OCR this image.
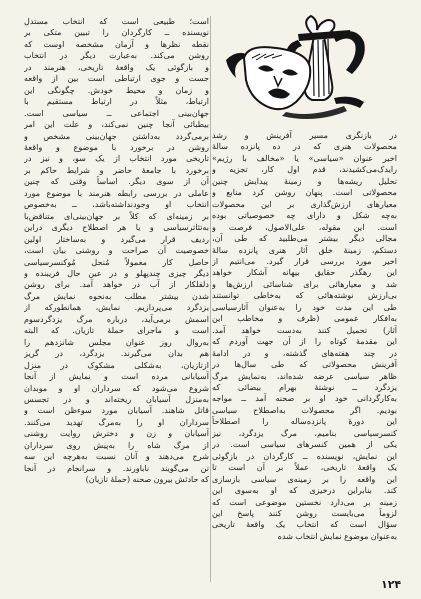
است؛ طبیعی است که انتخاب مستدل
نویسنده ــ کارگردان را تبیین متکی بر
نقطه نظرها و آرمان مشخصه اوست که
روشن می‌کند. به‌عبارت دیگر در انتخاب
و بازگوئی یک واقعهٔ تاریخی، هنرمند در
جست و جوی ارتباطی است بین از واقعه
و زمان و محیط خودش. چگونگی این
ارتباط، مثلاً در ارتباط مستقیم با
جهان‌بینی اجتماعی ــ سیاسی است.
بیطبائی آنجا چنین نمی‌کند، و علت این امر
برمی‌گردد به‌داشتن جهان‌بینی مشخص و
روشن در برخورد با موضوع و واقعهٔ
تاریخی مورد انتخاب از یک سو، و نیز در
برخورد با جامعهٔ حاضر و شرایط حاکم بر
آن از سوی دیگر. اساساً وقتی که چنین
عاملی در بررسی رابطه هنرمند با موضوع مورد
انتخاب او وجودنداشته‌باشد، ــ به‌خصوص
بر زمینه‌ای که کلاً بر جهان‌بینی‌ای متناقض‌با
به‌تئاترسیاسی و یا هر اصطلاح دیگری دراین
ردیف قرار می‌گیرد و به‌ساختار اولین
خصوصیت آن صراحت و روشنی بیان است،
حاصل کار معمولاً مُنحل مُوکنسرسیاسی
دیگر چیزی چندپهلو و در عین حال فریبنده و
دلفلکار از آب در خواهد آمد. برای روشن
شدن بیشتر مطلب به‌نحوه نمایش مرگ
یزدگرد می‌پردازیم. نمایش، همانطورکه از
اسمش برمی‌آید، درباره مرگ یزدگردسوم
است و ماجرای حملهٔ تازیان. که البته
به‌روال روز عنوان مجلس شانزدهم را
هم بدان می‌گیرند. یزدگرد، در گریز
ازتازیان، به‌شکلی مشکوک در منزل
آسیابانی مرده است و نمایش از آنجا
شروع می‌شود که سرداران او و موبدان
به‌منزل آسیابان ریخته‌اند و در تجسس
قاتل شاهند. آسیابان مورد سوءظن است و
سرداران او را به‌مرگ تهدید می‌کنند.
آسیابان و زن و دخترش روایت روشنی
از مرگ شاه را به‌پیش روی سرداران
شرح می‌دهند و آنان نسبت به‌هرچه این سه
تن می‌گویند ناباورند. و سرانجام در آنجا
که حادثش بیرون صحنه (حملهٔ تازیان)
در بازنگری مسیر آفرینش و رشد
محصولات هنری که در ده پانزده سالهٔ
اخیر عنوان «سیاسی» یا «مخالف با رژیم»
رایدک‌می‌کشیدند، قدم اول کار، تجزیه و
تحلیل ریشه‌ها و زمینهٔ پیدایش چنین
محصولاتی است. پنهان روشن کرد منابع و
معیارهای ارزش‌گذاری بر این محصولات
به‌چه شکل و دارای چه خصوصیاتی بوده
است. این مقوله، علی‌الاصول، فرصت و
مجالی دیگر بیشتر می‌طلبید که طی آن،
دستکم، زمینهٔ خلق آثار هنری پانزده سالهٔ
اخیر مورد بررسی قرار گیرد. می‌انتیم از
این رهگذر حقایق بیهانه آشکار خواهد
شد و معیارهائی برای شناسائی ارزش‌ها و
بی‌ارزش نوشته‌هائی که به‌خاطی توانستند
طی این مدت خود را به‌عنوان آثارسیاسی
به‌افکار عمومی (ظرف و مخاطب این
آثار) تحمیل کنند به‌دست خواهد آمد.
این مقدمهٔ کوتاه را از آن جهت آوردم که
در چند هفته‌های گذشته، و در ادامهٔ
آفرینش محصولاتی که طی سال‌ها در
ظاهر سیاسی عرضه شده‌اند، به‌نمایش مرگ
یزدگرد ــ نوشتهٔ بهرام بیضائی که
به‌کارگردانی خود او بر صحنه آمد ــ مواجه
بودیم. اگر محصولات به‌اصطلاح سیاسی
این دورهٔ پانزده‌ساله را اصطلاحاً
کنسرسیاسی بنامیم، مرگ یزدگرد، نیز
یکی از همین کنسرهای سیاسی است. در
این نمایش، نویسنده ــ کارگردان در بازگوئی
یک واقعهٔ تاریخی، عملاً بر آن است تا
این واقعه را بر زمینه‌ی سیاسی بازسازی
کند. بنابراین درخیزی که او به‌سوی این
زمینه بر می‌دارد نخستین موضوعی است که
لزوماً می‌بایست روشن کنند پاسخ این
سؤال است که انتخاب یک واقعهٔ تاریخی
به‌عنوان موضوع نمایش انتخاب شده
۱۲۴
